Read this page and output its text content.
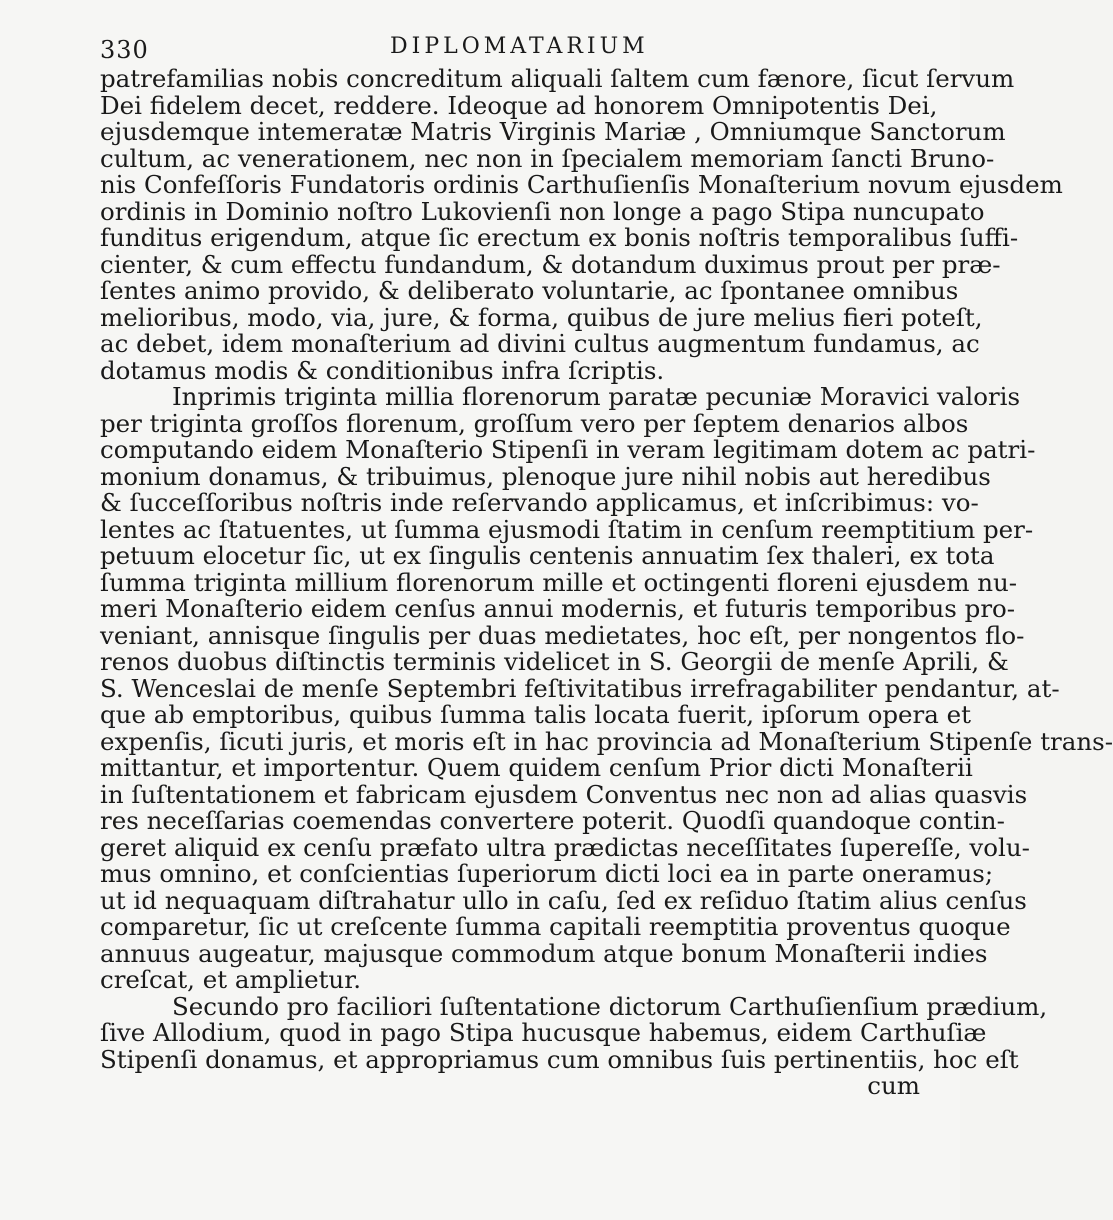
330	DIPLOMATARIUM
patrefamilias nobis concreditum aliquali ſaltem cum fænore, ſicut ſervum
Dei fidelem decet, reddere. Ideoque ad honorem Omnipotentis Dei,
ejusdemque intemeratæ Matris Virginis Mariæ , Omniumque Sanctorum
cultum, ac venerationem, nec non in ſpecialem memoriam ſancti Bruno-
nis Confeſſoris Fundatoris ordinis Carthuſienſis Monaſterium novum ejusdem
ordinis in Dominio noſtro Lukovienſi non longe a pago Stipa nuncupato
funditus erigendum, atque ſic erectum ex bonis noſtris temporalibus ſuffi-
cienter, & cum effectu fundandum, & dotandum duximus prout per præ-
ſentes animo provido, & deliberato voluntarie, ac ſpontanee omnibus
melioribus, modo, via, jure, & forma, quibus de jure melius fieri poteſt,
ac debet, idem monaſterium ad divini cultus augmentum fundamus, ac
dotamus modis & conditionibus infra ſcriptis.
Inprimis triginta millia florenorum paratæ pecuniæ Moravici valoris
per triginta groſſos florenum, groſſum vero per ſeptem denarios albos
computando eidem Monaſterio Stipenſi in veram legitimam dotem ac patri-
monium donamus, & tribuimus, plenoque jure nihil nobis aut heredibus
& ſucceſſoribus noſtris inde reſervando applicamus, et inſcribimus: vo-
lentes ac ſtatuentes, ut ſumma ejusmodi ſtatim in cenſum reemptitium per-
petuum elocetur ſic, ut ex ſingulis centenis annuatim ſex thaleri, ex tota
ſumma triginta millium florenorum mille et octingenti floreni ejusdem nu-
meri Monaſterio eidem cenſus annui modernis, et futuris temporibus pro-
veniant, annisque ſingulis per duas medietates, hoc eſt, per nongentos flo-
renos duobus diſtinctis terminis videlicet in S. Georgii de menſe Aprili, &
S. Wenceslai de menſe Septembri feſtivitatibus irrefragabiliter pendantur, at-
que ab emptoribus, quibus ſumma talis locata fuerit, ipſorum opera et
expenſis, ſicuti juris, et moris eſt in hac provincia ad Monaſterium Stipenſe trans-
mittantur, et importentur. Quem quidem cenſum Prior dicti Monaſterii
in ſuſtentationem et fabricam ejusdem Conventus nec non ad alias quasvis
res neceſſarias coemendas convertere poterit. Quodſi quandoque contin-
geret aliquid ex cenſu præfato ultra prædictas neceſſitates ſupereſſe, volu-
mus omnino, et conſcientias ſuperiorum dicti loci ea in parte oneramus;
ut id nequaquam diſtrahatur ullo in caſu, ſed ex reſiduo ſtatim alius cenſus
comparetur, ſic ut creſcente ſumma capitali reemptitia proventus quoque
annuus augeatur, majusque commodum atque bonum Monaſterii indies
creſcat, et amplietur.
Secundo pro faciliori ſuſtentatione dictorum Carthuſienſium prædium,
ſive Allodium, quod in pago Stipa hucusque habemus, eidem Carthuſiæ
Stipenſi donamus, et appropriamus cum omnibus ſuis pertinentiis, hoc eſt
cum
